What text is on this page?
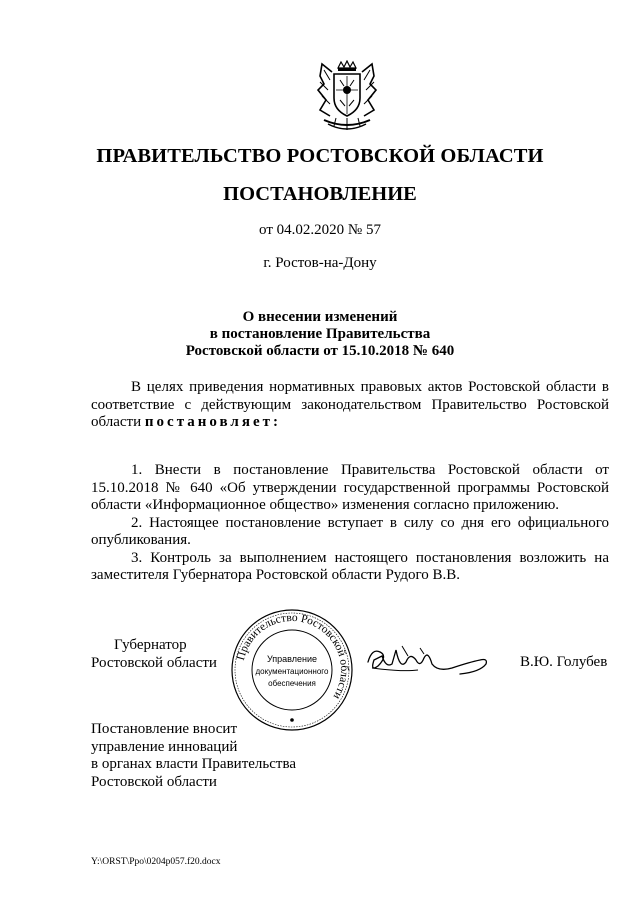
ПРАВИТЕЛЬСТВО РОСТОВСКОЙ ОБЛАСТИ
ПОСТАНОВЛЕНИЕ
от 04.02.2020 № 57
г. Ростов-на-Дону
О внесении изменений
в постановление Правительства
Ростовской области от 15.10.2018 № 640
В целях приведения нормативных правовых актов Ростовской области в соответствие с действующим законодательством Правительство Ростовской области постановляет:
1. Внести в постановление Правительства Ростовской области от 15.10.2018 № 640 «Об утверждении государственной программы Ростовской области «Информационное общество» изменения согласно приложению.
2. Настоящее постановление вступает в силу со дня его официального опубликования.
3. Контроль за выполнением настоящего постановления возложить на заместителя Губернатора Ростовской области Рудого В.В.
Губернатор
Ростовской области Правительство Ростовской области
Управление
документационного
обеспечения
В.Ю. Голубев
Постановление вносит
управление инноваций
в органах власти Правительства
Ростовской области
Y:\ORST\Ppo\0204p057.f20.docx
